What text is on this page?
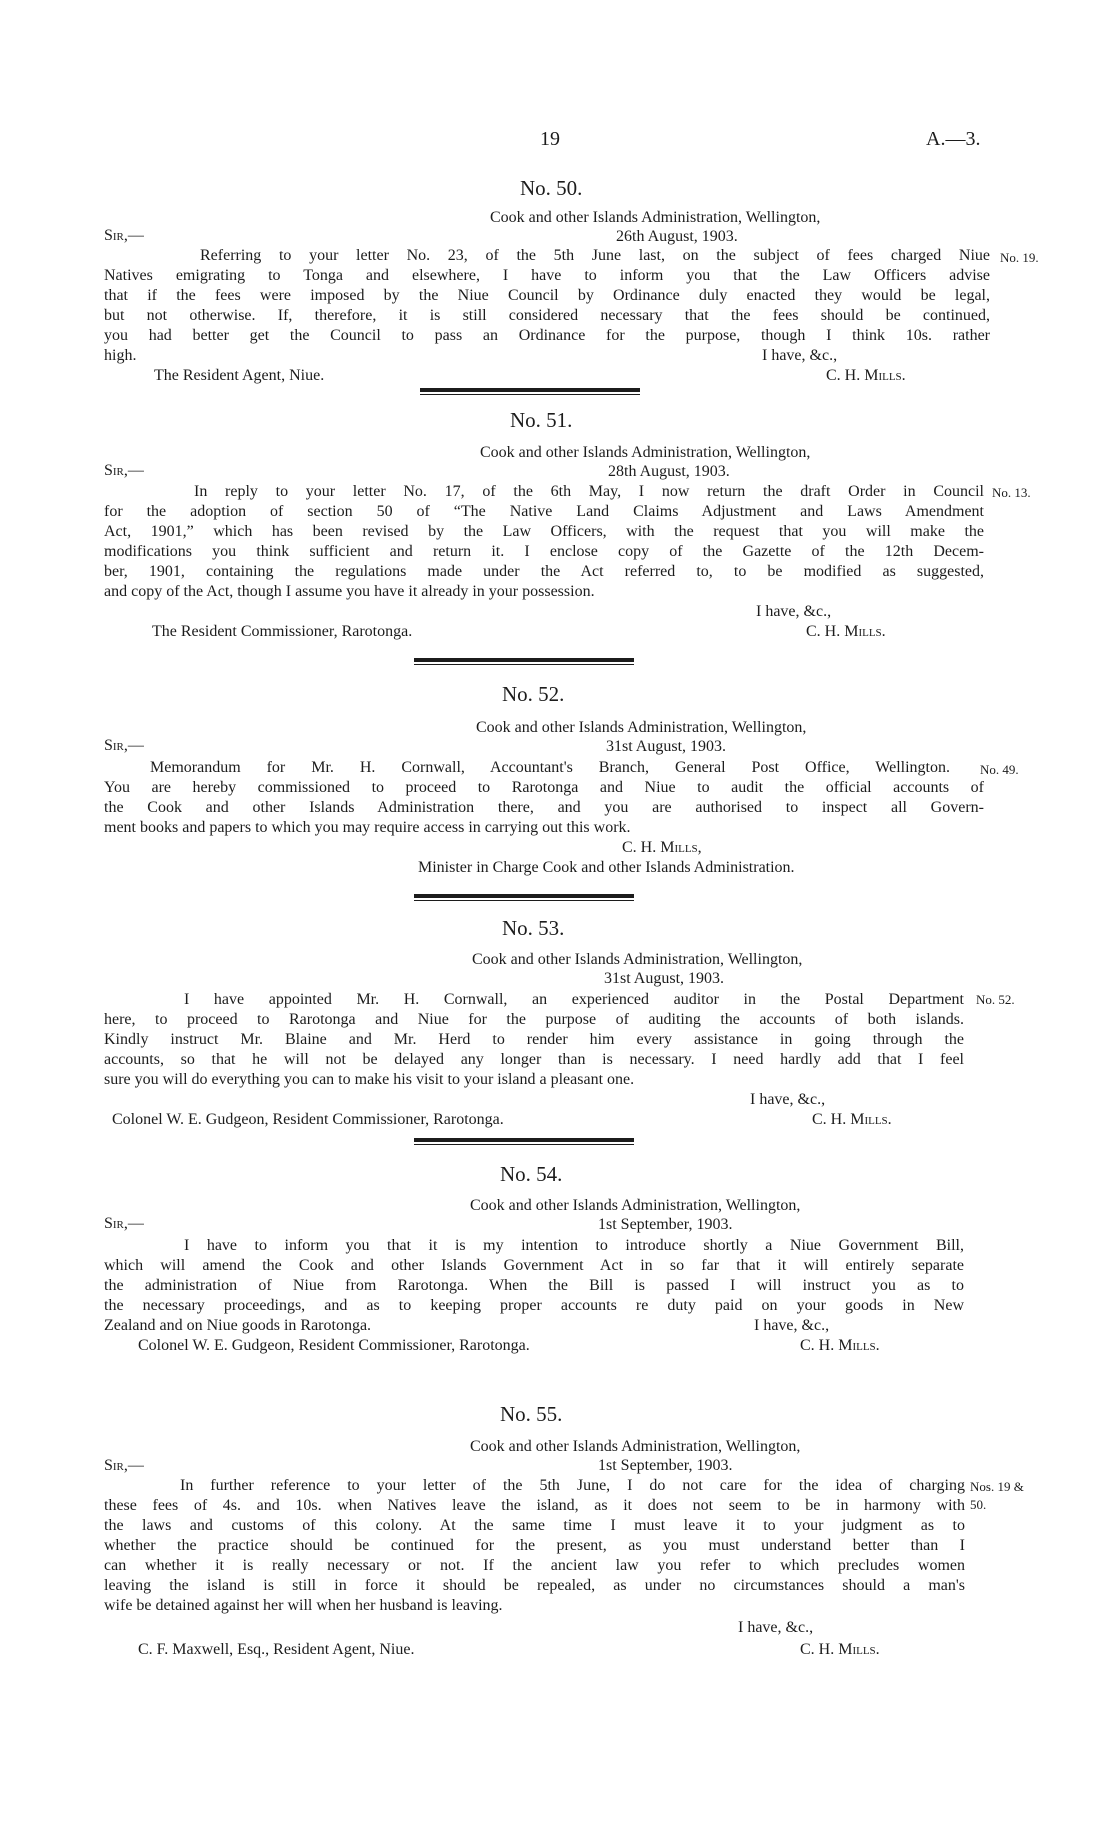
19	A.—3.
No. 50.
Cook and other Islands Administration, Wellington,
26th August, 1903.
Sir,—
Referring to your letter No. 23, of the 5th June last, on the subject of fees charged Niue
Natives emigrating to Tonga and elsewhere, I have to inform you that the Law Officers advise
that if the fees were imposed by the Niue Council by Ordinance duly enacted they would be legal,
but not otherwise. If, therefore, it is still considered necessary that the fees should be continued,
you had better get the Council to pass an Ordinance for the purpose, though I think 10s. rather
high.	I have, &c.,
The Resident Agent, Niue.	C. H. Mills.
No. 19.
No. 51.
Cook and other Islands Administration, Wellington,
28th August, 1903.
Sir,—
In reply to your letter No. 17, of the 6th May, I now return the draft Order in Council
for the adoption of section 50 of “The Native Land Claims Adjustment and Laws Amendment
Act, 1901,” which has been revised by the Law Officers, with the request that you will make the
modifications you think sufficient and return it. I enclose copy of the Gazette of the 12th Decem-
ber, 1901, containing the regulations made under the Act referred to, to be modified as suggested,
and copy of the Act, though I assume you have it already in your possession.
I have, &c.,
The Resident Commissioner, Rarotonga.	C. H. Mills.
No. 13.
No. 52.
Cook and other Islands Administration, Wellington,
31st August, 1903.
Sir,—
Memorandum for Mr. H. Cornwall, Accountant's Branch, General Post Office, Wellington.
You are hereby commissioned to proceed to Rarotonga and Niue to audit the official accounts of
the Cook and other Islands Administration there, and you are authorised to inspect all Govern-
ment books and papers to which you may require access in carrying out this work.
C. H. Mills,
Minister in Charge Cook and other Islands Administration.
No. 49.
No. 53.
Cook and other Islands Administration, Wellington,
31st August, 1903.
I have appointed Mr. H. Cornwall, an experienced auditor in the Postal Department
here, to proceed to Rarotonga and Niue for the purpose of auditing the accounts of both islands.
Kindly instruct Mr. Blaine and Mr. Herd to render him every assistance in going through the
accounts, so that he will not be delayed any longer than is necessary. I need hardly add that I feel
sure you will do everything you can to make his visit to your island a pleasant one.
I have, &c.,
Colonel W. E. Gudgeon, Resident Commissioner, Rarotonga.	C. H. Mills.
No. 52.
No. 54.
Cook and other Islands Administration, Wellington,
1st September, 1903.
Sir,—
I have to inform you that it is my intention to introduce shortly a Niue Government Bill,
which will amend the Cook and other Islands Government Act in so far that it will entirely separate
the administration of Niue from Rarotonga. When the Bill is passed I will instruct you as to
the necessary proceedings, and as to keeping proper accounts re duty paid on your goods in New
Zealand and on Niue goods in Rarotonga.	I have, &c.,
Colonel W. E. Gudgeon, Resident Commissioner, Rarotonga.	C. H. Mills.
No. 55.
Cook and other Islands Administration, Wellington,
1st September, 1903.
Sir,—
In further reference to your letter of the 5th June, I do not care for the idea of charging
these fees of 4s. and 10s. when Natives leave the island, as it does not seem to be in harmony with
the laws and customs of this colony. At the same time I must leave it to your judgment as to
whether the practice should be continued for the present, as you must understand better than I
can whether it is really necessary or not. If the ancient law you refer to which precludes women
leaving the island is still in force it should be repealed, as under no circumstances should a man's
wife be detained against her will when her husband is leaving.
I have, &c.,
C. F. Maxwell, Esq., Resident Agent, Niue.	C. H. Mills.
Nos. 19 &
50.
